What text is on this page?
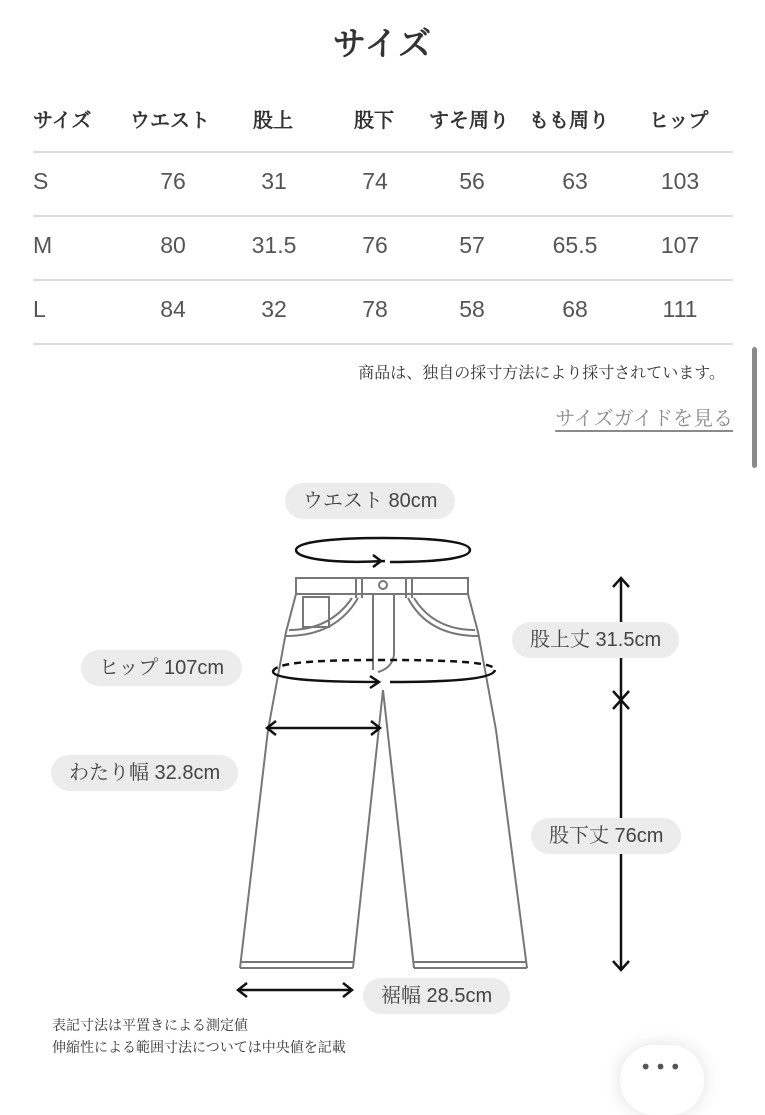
サイズ
サイズ ウエスト 股上	股下 すそ周り もも周り ヒップ
S	76	31	74	56	63	103
M	80	31.5	76	57	65.5	107
L	84	32	78	58	68	111
商品は、独自の採寸方法により採寸されています。
サイズガイドを見る
ウエスト 80cm
股上丈 31.5cm
ヒップ 107cm
わたり幅 32.8cm
股下丈 76cm
裾幅 28.5cm
表記寸法は平置きによる測定値
伸縮性による範囲寸法については中央値を記載
•••
